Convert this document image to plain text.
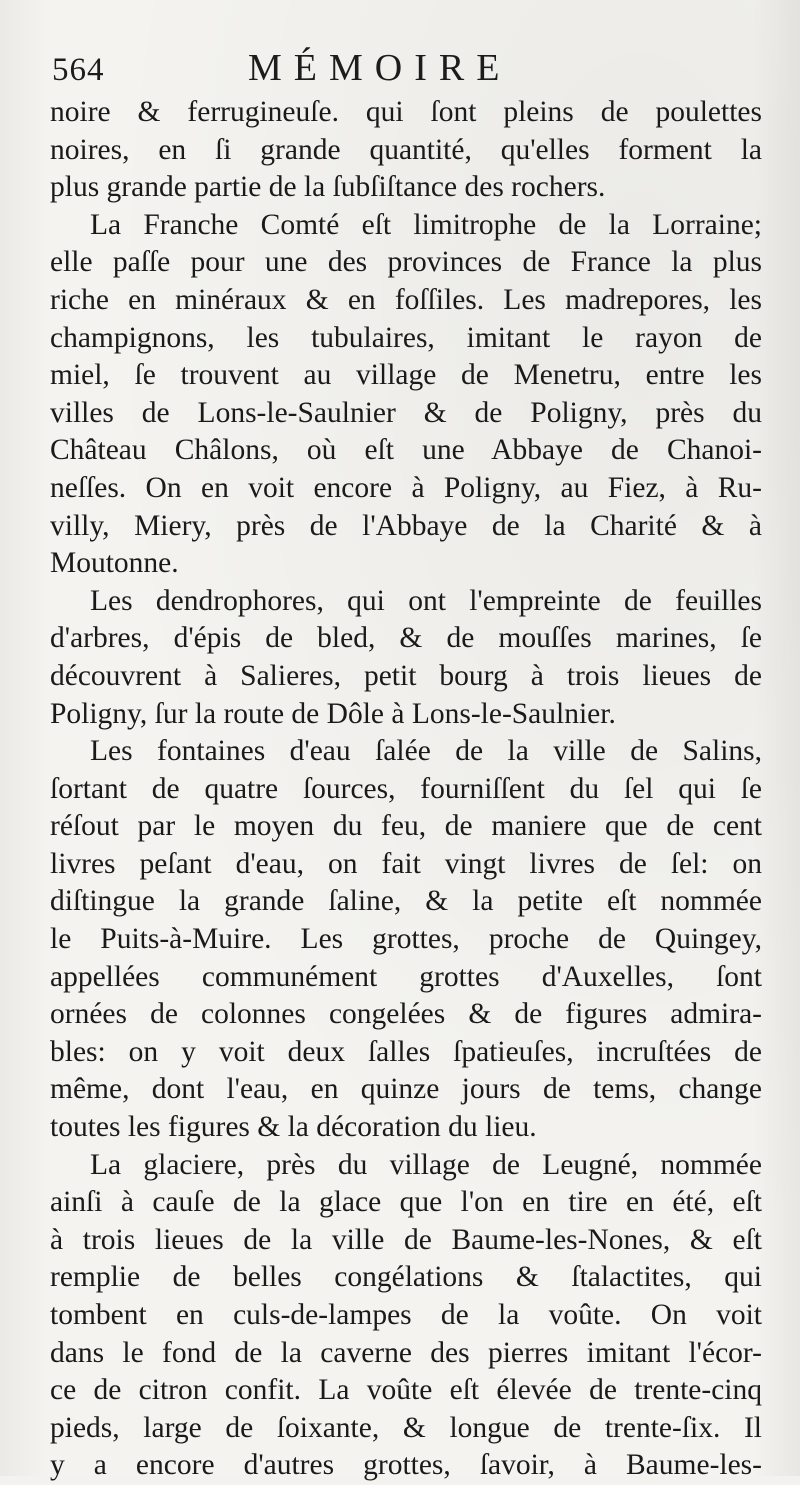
564	MÉMOIRE
noire & ferrugineuſe. qui ſont pleins de poulettes
noires, en ſi grande quantité, qu'elles forment la
plus grande partie de la ſubſiſtance des rochers.
La Franche Comté eſt limitrophe de la Lorraine;
elle paſſe pour une des provinces de France la plus
riche en minéraux & en foſſiles. Les madrepores, les
champignons, les tubulaires, imitant le rayon de
miel, ſe trouvent au village de Menetru, entre les
villes de Lons-le-Saulnier & de Poligny, près du
Château Châlons, où eſt une Abbaye de Chanoi-
neſſes. On en voit encore à Poligny, au Fiez, à Ru-
villy, Miery, près de l'Abbaye de la Charité & à
Moutonne.
Les dendrophores, qui ont l'empreinte de feuilles
d'arbres, d'épis de bled, & de mouſſes marines, ſe
découvrent à Salieres, petit bourg à trois lieues de
Poligny, ſur la route de Dôle à Lons-le-Saulnier.
Les fontaines d'eau ſalée de la ville de Salins,
ſortant de quatre ſources, fourniſſent du ſel qui ſe
réſout par le moyen du feu, de maniere que de cent
livres peſant d'eau, on fait vingt livres de ſel: on
diſtingue la grande ſaline, & la petite eſt nommée
le Puits-à-Muire. Les grottes, proche de Quingey,
appellées communément grottes d'Auxelles, ſont
ornées de colonnes congelées & de figures admira-
bles: on y voit deux ſalles ſpatieuſes, incruſtées de
même, dont l'eau, en quinze jours de tems, change
toutes les figures & la décoration du lieu.
La glaciere, près du village de Leugné, nommée
ainſi à cauſe de la glace que l'on en tire en été, eſt
à trois lieues de la ville de Baume-les-Nones, & eſt
remplie de belles congélations & ſtalactites, qui
tombent en culs-de-lampes de la voûte. On voit
dans le fond de la caverne des pierres imitant l'écor-
ce de citron confit. La voûte eſt élevée de trente-cinq
pieds, large de ſoixante, & longue de trente-ſix. Il
y a encore d'autres grottes, ſavoir, à Baume-les-
